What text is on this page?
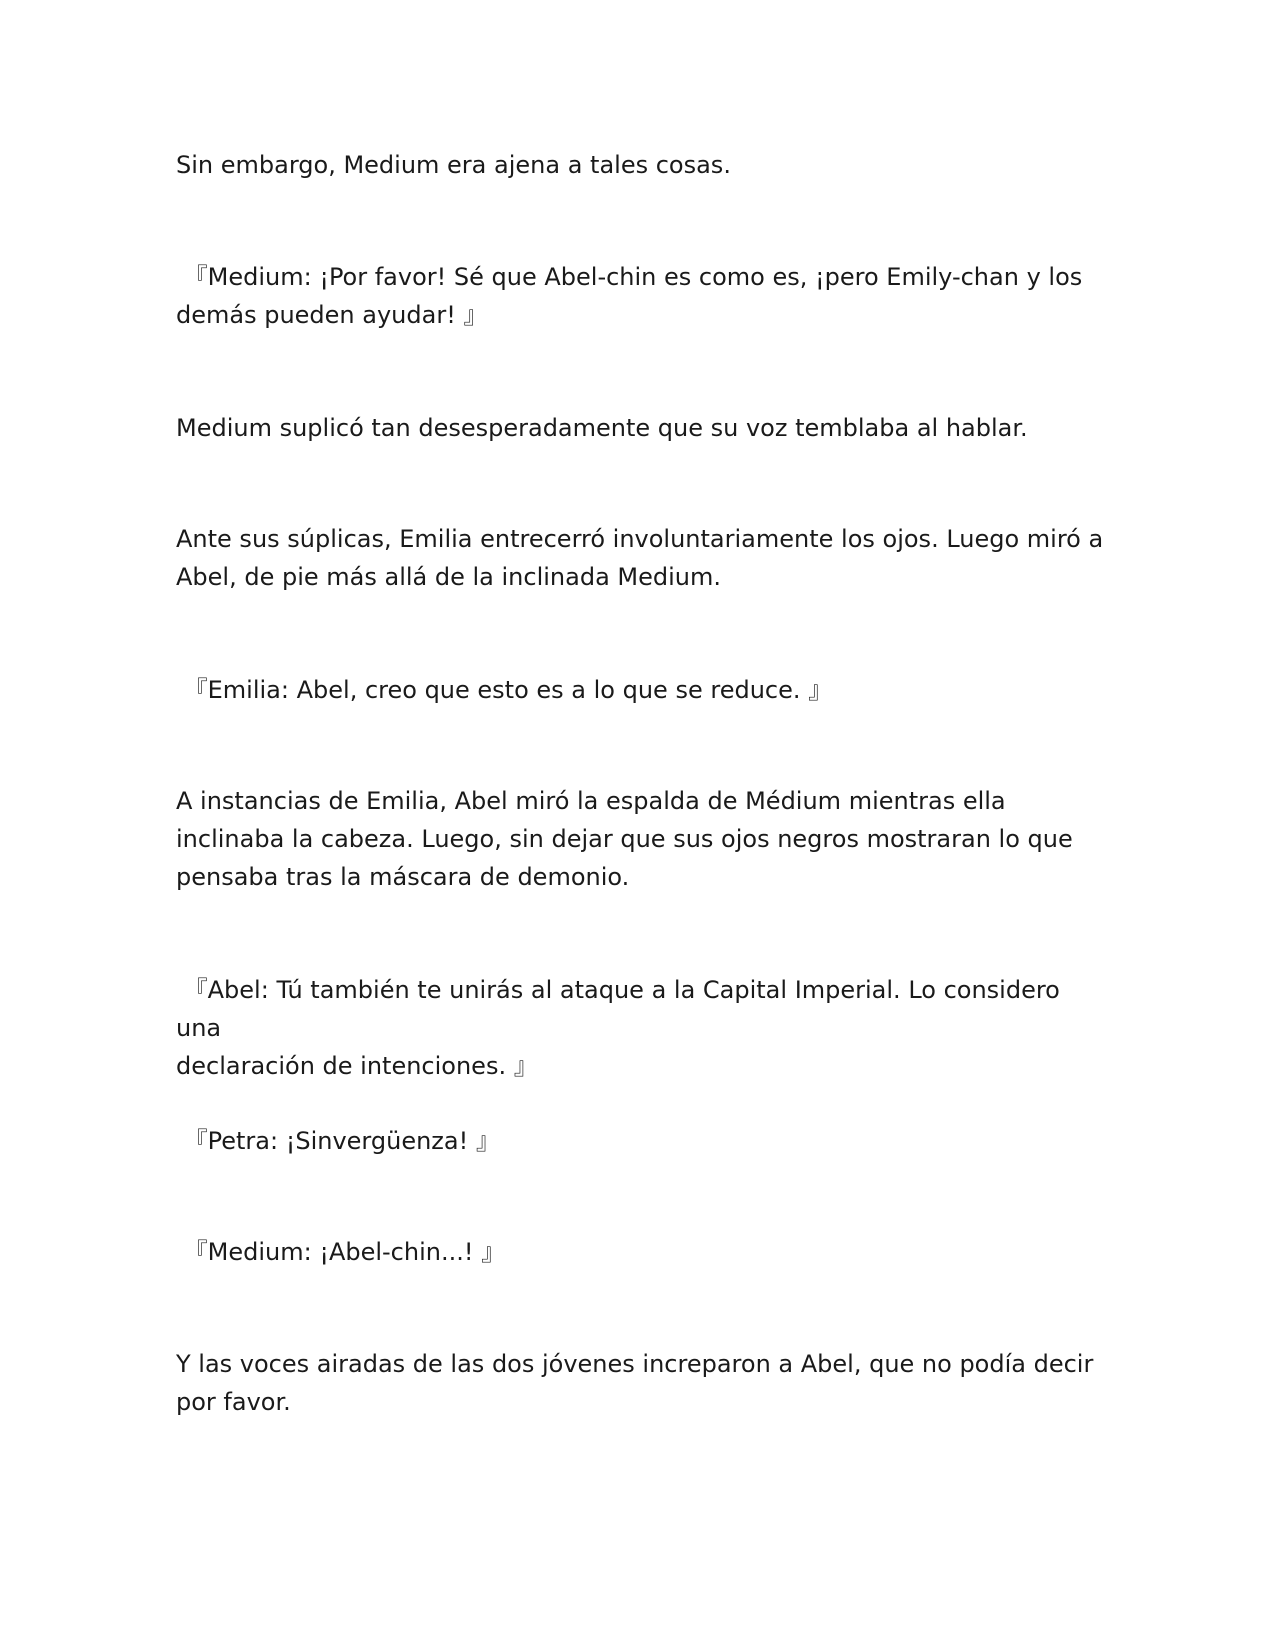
Sin embargo, Medium era ajena a tales cosas.

『Medium: ¡Por favor! Sé que Abel-chin es como es, ¡pero Emily-chan y los
demás pueden ayudar! 』

Medium suplicó tan desesperadamente que su voz temblaba al hablar.

Ante sus súplicas, Emilia entrecerró involuntariamente los ojos. Luego miró a
Abel, de pie más allá de la inclinada Medium.

『Emilia: Abel, creo que esto es a lo que se reduce. 』

A instancias de Emilia, Abel miró la espalda de Médium mientras ella
inclinaba la cabeza. Luego, sin dejar que sus ojos negros mostraran lo que
pensaba tras la máscara de demonio.

『Abel: Tú también te unirás al ataque a la Capital Imperial. Lo considero una
declaración de intenciones. 』

『Petra: ¡Sinvergüenza! 』

『Medium: ¡Abel-chin...! 』

Y las voces airadas de las dos jóvenes increparon a Abel, que no podía decir
por favor.
